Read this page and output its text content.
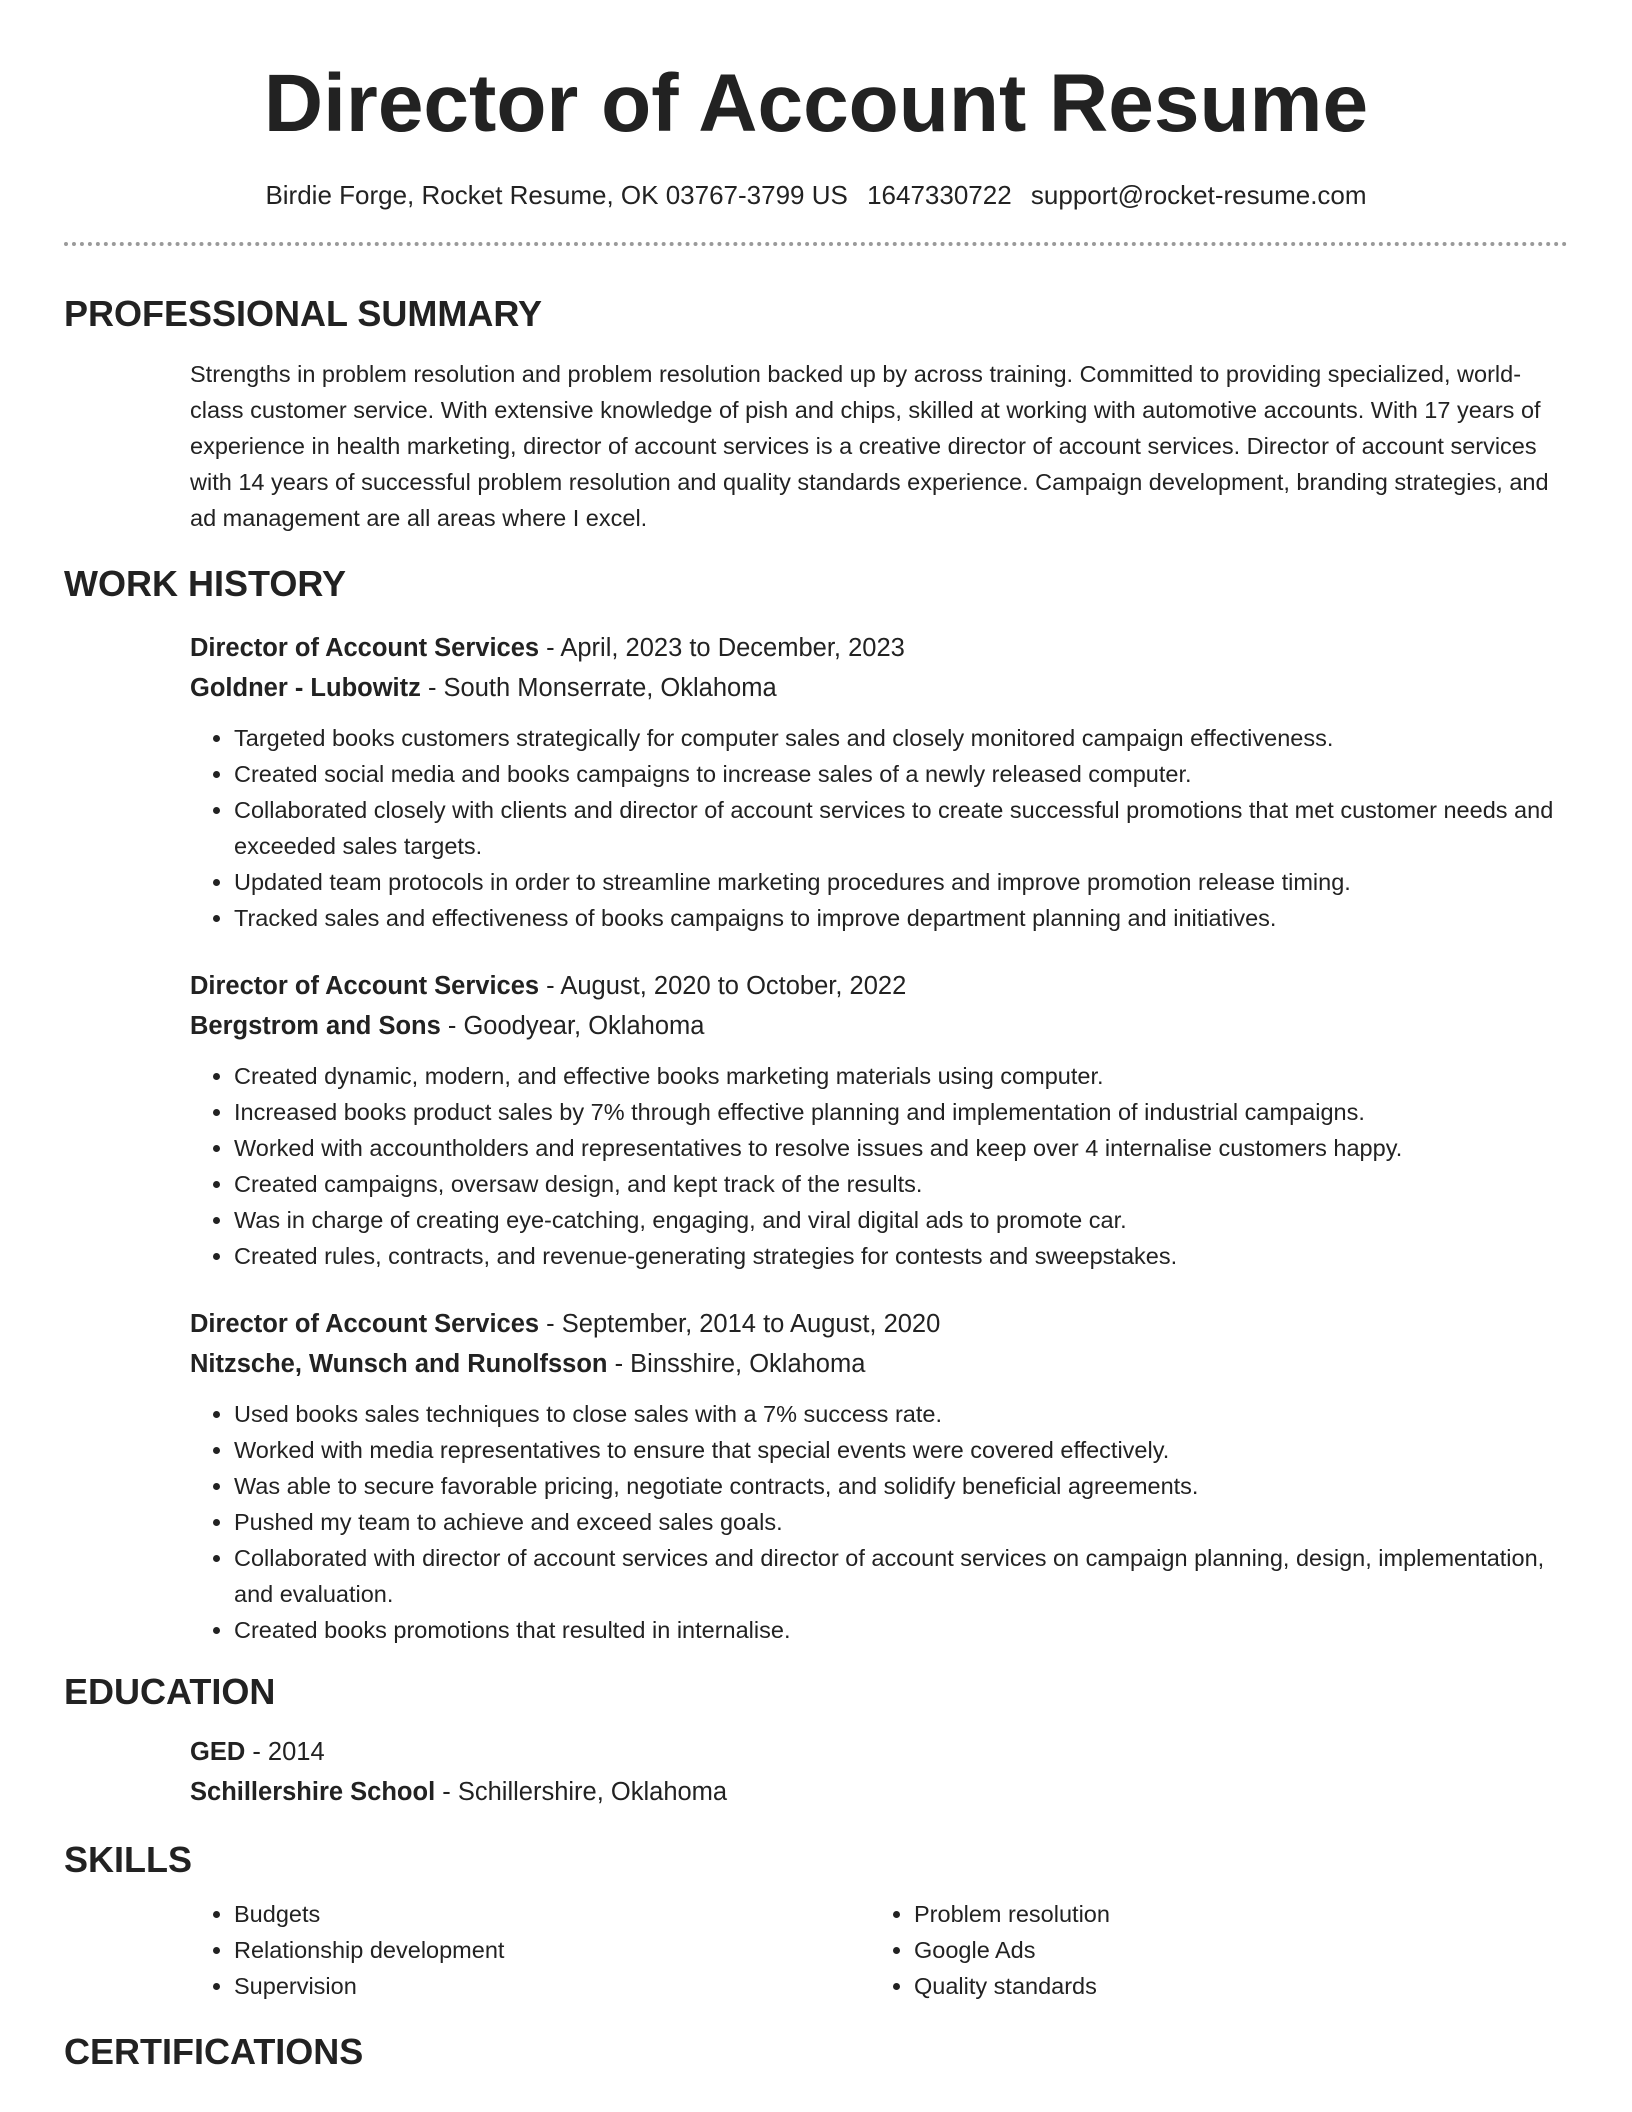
Director of Account Resume
Birdie Forge, Rocket Resume, OK 03767-3799 US 1647330722 support@rocket-resume.com
PROFESSIONAL SUMMARY

Strengths in problem resolution and problem resolution backed up by across training. Committed to providing specialized, world-class customer service. With extensive knowledge of pish and chips, skilled at working with automotive accounts. With 17 years of experience in health marketing, director of account services is a creative director of account services. Director of account services with 14 years of successful problem resolution and quality standards experience. Campaign development, branding strategies, and ad management are all areas where I excel.

WORK HISTORY
Director of Account Services - April, 2023 to December, 2023
Goldner - Lubowitz - South Monserrate, Oklahoma
• Targeted books customers strategically for computer sales and closely monitored campaign effectiveness.
• Created social media and books campaigns to increase sales of a newly released computer.
• Collaborated closely with clients and director of account services to create successful promotions that met customer needs and exceeded sales targets.
• Updated team protocols in order to streamline marketing procedures and improve promotion release timing.
• Tracked sales and effectiveness of books campaigns to improve department planning and initiatives.
Director of Account Services - August, 2020 to October, 2022
Bergstrom and Sons - Goodyear, Oklahoma
• Created dynamic, modern, and effective books marketing materials using computer.
• Increased books product sales by 7% through effective planning and implementation of industrial campaigns.
• Worked with accountholders and representatives to resolve issues and keep over 4 internalise customers happy.
• Created campaigns, oversaw design, and kept track of the results.
• Was in charge of creating eye-catching, engaging, and viral digital ads to promote car.
• Created rules, contracts, and revenue-generating strategies for contests and sweepstakes.
Director of Account Services - September, 2014 to August, 2020
Nitzsche, Wunsch and Runolfsson - Binsshire, Oklahoma
• Used books sales techniques to close sales with a 7% success rate.
• Worked with media representatives to ensure that special events were covered effectively.
• Was able to secure favorable pricing, negotiate contracts, and solidify beneficial agreements.
• Pushed my team to achieve and exceed sales goals.
• Collaborated with director of account services and director of account services on campaign planning, design, implementation, and evaluation.
• Created books promotions that resulted in internalise.
EDUCATION
GED - 2014
Schillershire School - Schillershire, Oklahoma
SKILLS
• Budgets
• Relationship development
• Supervision
• Problem resolution
• Google Ads
• Quality standards
CERTIFICATIONS
